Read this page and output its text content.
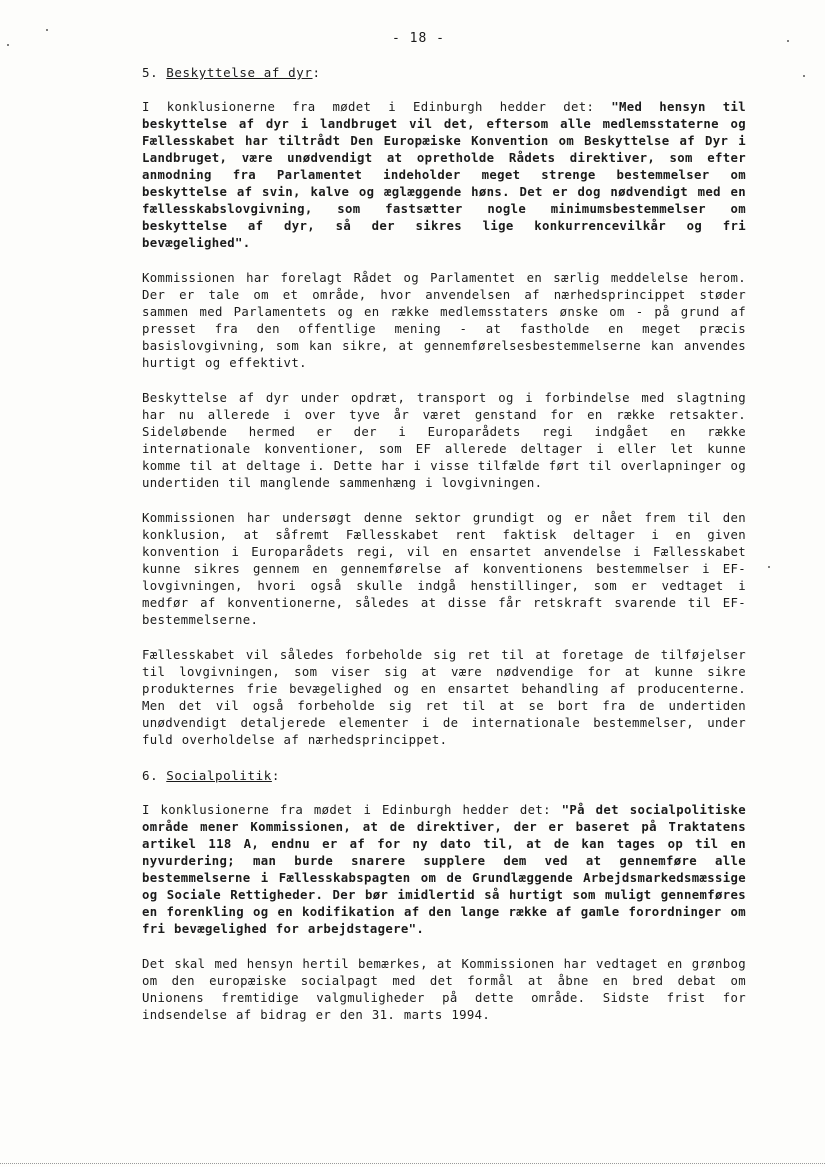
- 18 -
5. Beskyttelse af dyr:

I konklusionerne fra mødet i Edinburgh hedder det: "Med hensyn til beskyttelse af dyr i landbruget vil det, eftersom alle medlemsstaterne og Fællesskabet har tiltrådt Den Europæiske Konvention om Beskyttelse af Dyr i Landbruget, være unødvendigt at opretholde Rådets direktiver, som efter anmodning fra Parlamentet indeholder meget strenge bestemmelser om beskyttelse af svin, kalve og æglæggende høns. Det er dog nødvendigt med en fællesskabslovgivning, som fastsætter nogle minimumsbestemmelser om beskyttelse af dyr, så der sikres lige konkurrencevilkår og fri bevægelighed".

Kommissionen har forelagt Rådet og Parlamentet en særlig meddelelse herom. Der er tale om et område, hvor anvendelsen af nærhedsprincippet støder sammen med Parlamentets og en række medlemsstaters ønske om - på grund af presset fra den offentlige mening - at fastholde en meget præcis basislovgivning, som kan sikre, at gennemførelsesbestemmelserne kan anvendes hurtigt og effektivt.

Beskyttelse af dyr under opdræt, transport og i forbindelse med slagtning har nu allerede i over tyve år været genstand for en række retsakter. Sideløbende hermed er der i Europarådets regi indgået en række internationale konventioner, som EF allerede deltager i eller let kunne komme til at deltage i. Dette har i visse tilfælde ført til overlapninger og undertiden til manglende sammenhæng i lovgivningen.

Kommissionen har undersøgt denne sektor grundigt og er nået frem til den konklusion, at såfremt Fællesskabet rent faktisk deltager i en given konvention i Europarådets regi, vil en ensartet anvendelse i Fællesskabet kunne sikres gennem en gennemførelse af konventionens bestemmelser i EF-lovgivningen, hvori også skulle indgå henstillinger, som er vedtaget i medfør af konventionerne, således at disse får retskraft svarende til EF-bestemmelserne.

Fællesskabet vil således forbeholde sig ret til at foretage de tilføjelser til lovgivningen, som viser sig at være nødvendige for at kunne sikre produkternes frie bevægelighed og en ensartet behandling af producenterne. Men det vil også forbeholde sig ret til at se bort fra de undertiden unødvendigt detaljerede elementer i de internationale bestemmelser, under fuld overholdelse af nærhedsprincippet.

6. Socialpolitik:

I konklusionerne fra mødet i Edinburgh hedder det: "På det socialpolitiske område mener Kommissionen, at de direktiver, der er baseret på Traktatens artikel 118 A, endnu er af for ny dato til, at de kan tages op til en nyvurdering; man burde snarere supplere dem ved at gennemføre alle bestemmelserne i Fællesskabspagten om de Grundlæggende Arbejdsmarkedsmæssige og Sociale Rettigheder. Der bør imidlertid så hurtigt som muligt gennemføres en forenkling og en kodifikation af den lange række af gamle forordninger om fri bevægelighed for arbejdstagere".

Det skal med hensyn hertil bemærkes, at Kommissionen har vedtaget en grønbog om den europæiske socialpagt med det formål at åbne en bred debat om Unionens fremtidige valgmuligheder på dette område. Sidste frist for indsendelse af bidrag er den 31. marts 1994.
